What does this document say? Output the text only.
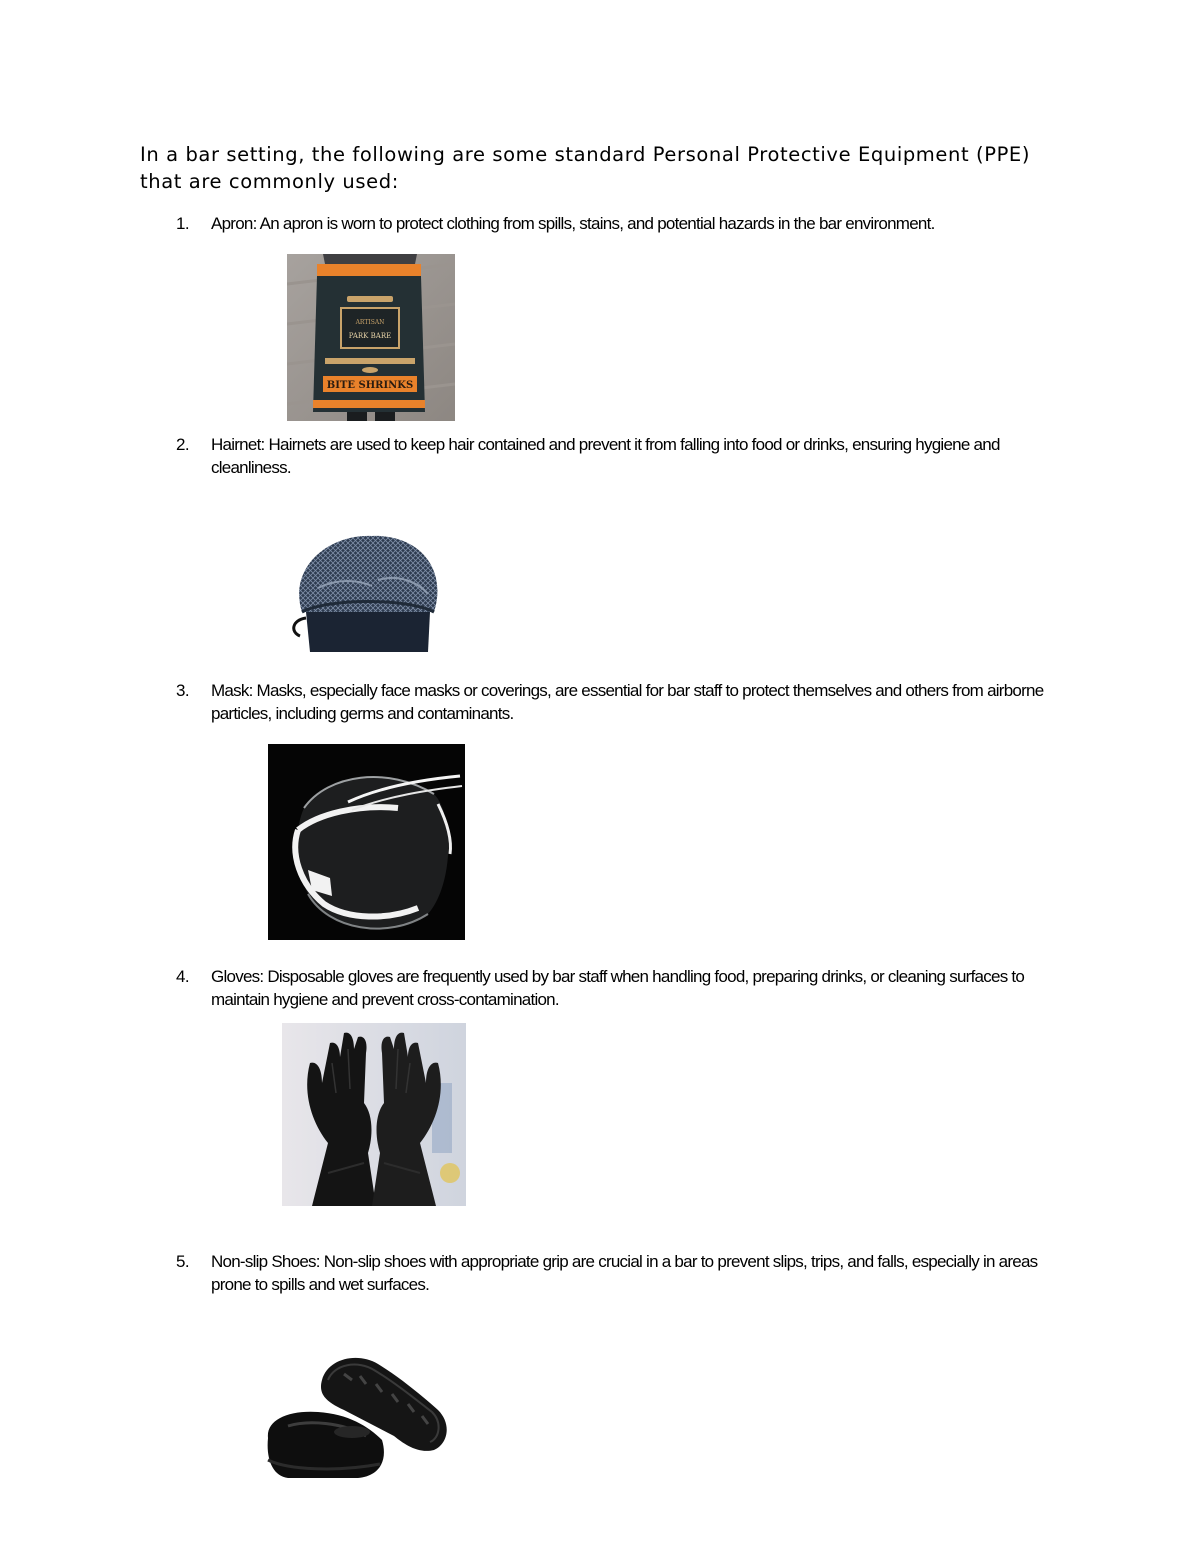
In a bar setting, the following are some standard Personal Protective Equipment (PPE) that are commonly used:
1. Apron: An apron is worn to protect clothing from spills, stains, and potential hazards in the bar environment.
ARTISAN
PARK BARE
BITE SHRINKS
2. Hairnet: Hairnets are used to keep hair contained and prevent it from falling into food or drinks, ensuring hygiene and cleanliness.
3. Mask: Masks, especially face masks or coverings, are essential for bar staff to protect themselves and others from airborne particles, including germs and contaminants.
4. Gloves: Disposable gloves are frequently used by bar staff when handling food, preparing drinks, or cleaning surfaces to maintain hygiene and prevent cross-contamination.
5. Non-slip Shoes: Non-slip shoes with appropriate grip are crucial in a bar to prevent slips, trips, and falls, especially in areas prone to spills and wet surfaces.
